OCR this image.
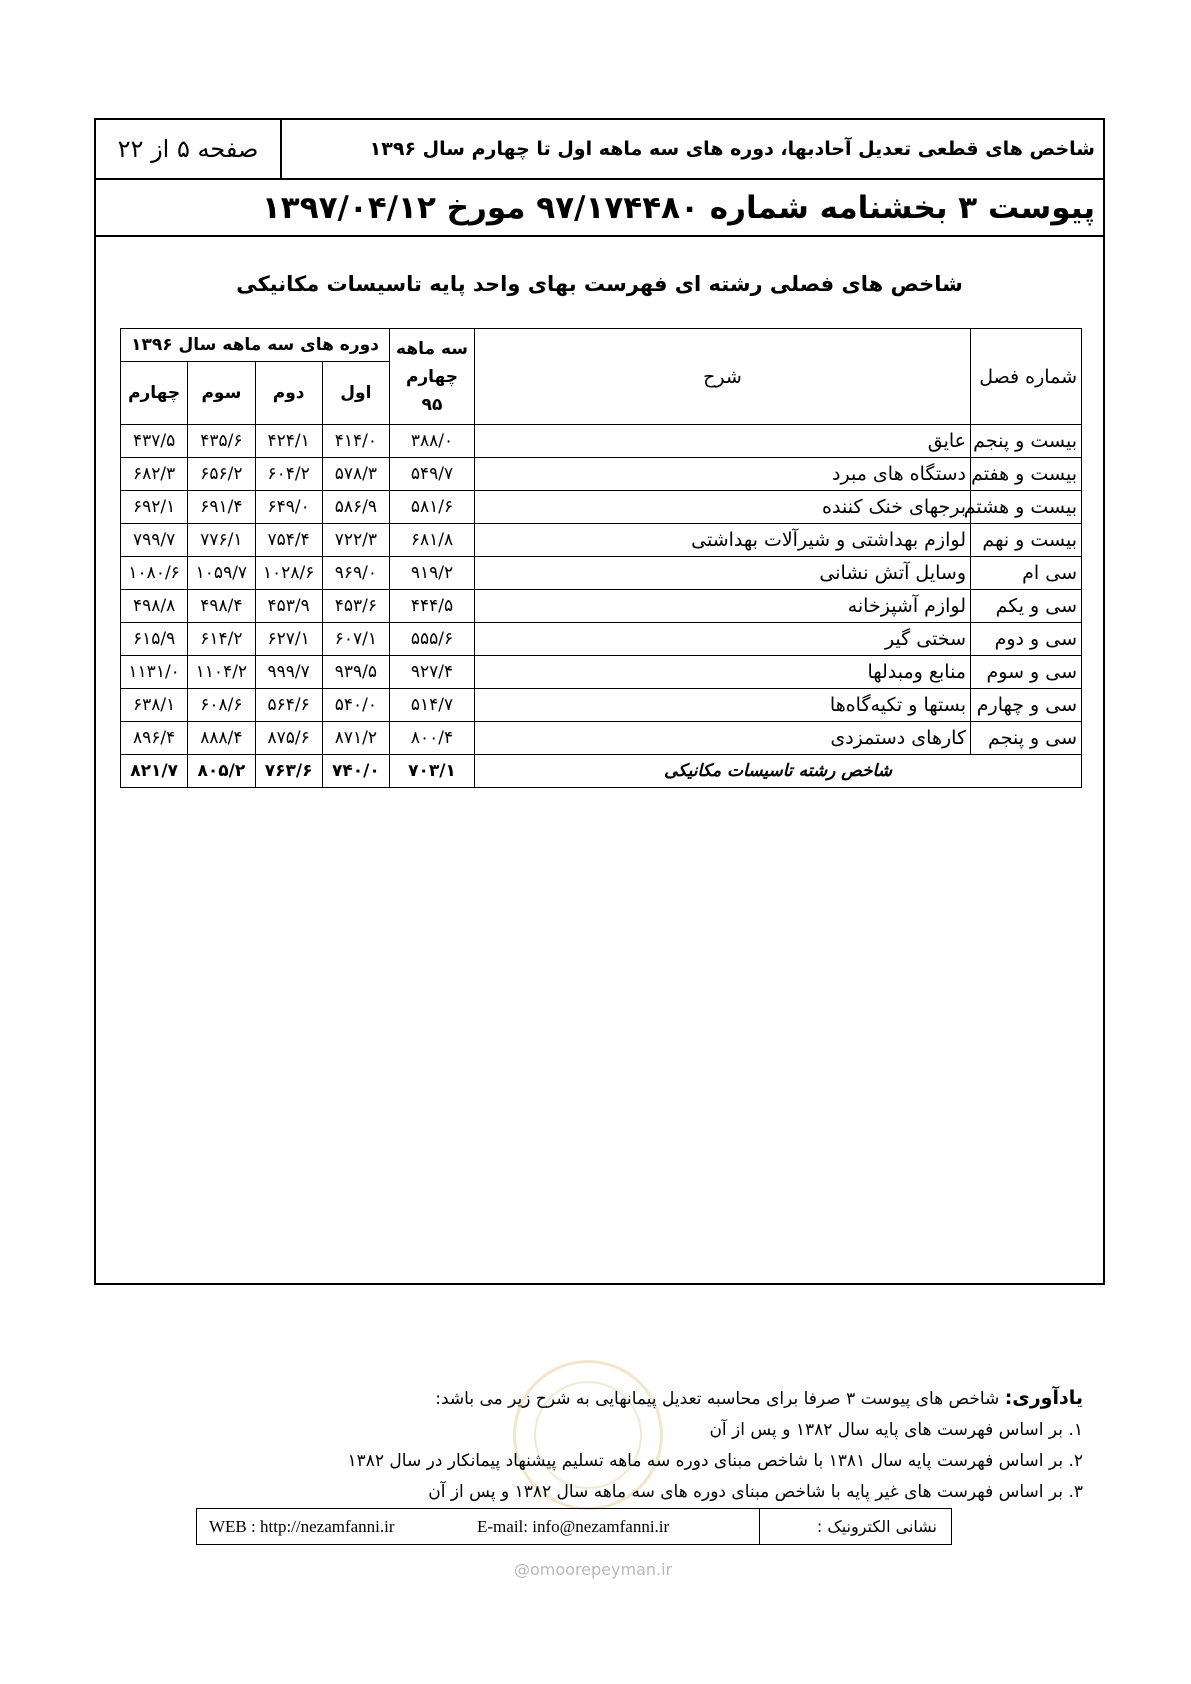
صفحه ۵ از ۲۲	شاخص های قطعی تعدیل آحادبها، دوره های سه ماهه اول تا چهارم سال ۱۳۹۶
پیوست ۳ بخشنامه شماره ۹۷/۱۷۴۴۸۰ مورخ ۱۳۹۷/۰۴/۱۲
شاخص های فصلی رشته ای فهرست بهای واحد پایه تاسیسات مکانیکی
شماره فصل	شرح	سه ماهه چهارم ۹۵	دوره های سه ماهه سال ۱۳۹۶			
			اول	دوم	سوم	چهارم
بیست و پنجم	عایق	۳۸۸/۰	۴۱۴/۰	۴۲۴/۱	۴۳۵/۶	۴۳۷/۵
بیست و هفتم	دستگاه های مبرد	۵۴۹/۷	۵۷۸/۳	۶۰۴/۲	۶۵۶/۲	۶۸۲/۳
بیست و هشتم	برجهای خنک کننده	۵۸۱/۶	۵۸۶/۹	۶۴۹/۰	۶۹۱/۴	۶۹۲/۱
بیست و نهم	لوازم بهداشتی و شیرآلات بهداشتی	۶۸۱/۸	۷۲۲/۳	۷۵۴/۴	۷۷۶/۱	۷۹۹/۷
سی ام	وسایل آتش نشانی	۹۱۹/۲	۹۶۹/۰	۱۰۲۸/۶	۱۰۵۹/۷	۱۰۸۰/۶
سی و یکم	لوازم آشپزخانه	۴۴۴/۵	۴۵۳/۶	۴۵۳/۹	۴۹۸/۴	۴۹۸/۸
سی و دوم	سختی گیر	۵۵۵/۶	۶۰۷/۱	۶۲۷/۱	۶۱۴/۲	۶۱۵/۹
سی و سوم	منابع ومبدلها	۹۲۷/۴	۹۳۹/۵	۹۹۹/۷	۱۱۰۴/۲	۱۱۳۱/۰
سی و چهارم	بستها و تکیه‌گاه‌ها	۵۱۴/۷	۵۴۰/۰	۵۶۴/۶	۶۰۸/۶	۶۳۸/۱
سی و پنجم	کارهای دستمزدی	۸۰۰/۴	۸۷۱/۲	۸۷۵/۶	۸۸۸/۴	۸۹۶/۴
شاخص رشته تاسیسات مکانیکی		۷۰۳/۱	۷۴۰/۰	۷۶۳/۶	۸۰۵/۲	۸۲۱/۷
یادآوری: شاخص های پیوست ۳ صرفا برای محاسبه تعدیل پیمانهایی به شرح زیر می باشد:
۱. بر اساس فهرست های پایه سال ۱۳۸۲ و پس از آن
۲. بر اساس فهرست پایه سال ۱۳۸۱ با شاخص مبنای دوره سه ماهه تسلیم پیشنهاد پیمانکار در سال ۱۳۸۲
۳. بر اساس فهرست های غیر پایه با شاخص مبنای دوره های سه ماهه سال ۱۳۸۲ و پس از آن
نشانی الکترونیک :
E-mail: info@nezamfanni.ir
WEB : http://nezamfanni.ir
@omoorepeyman.ir
